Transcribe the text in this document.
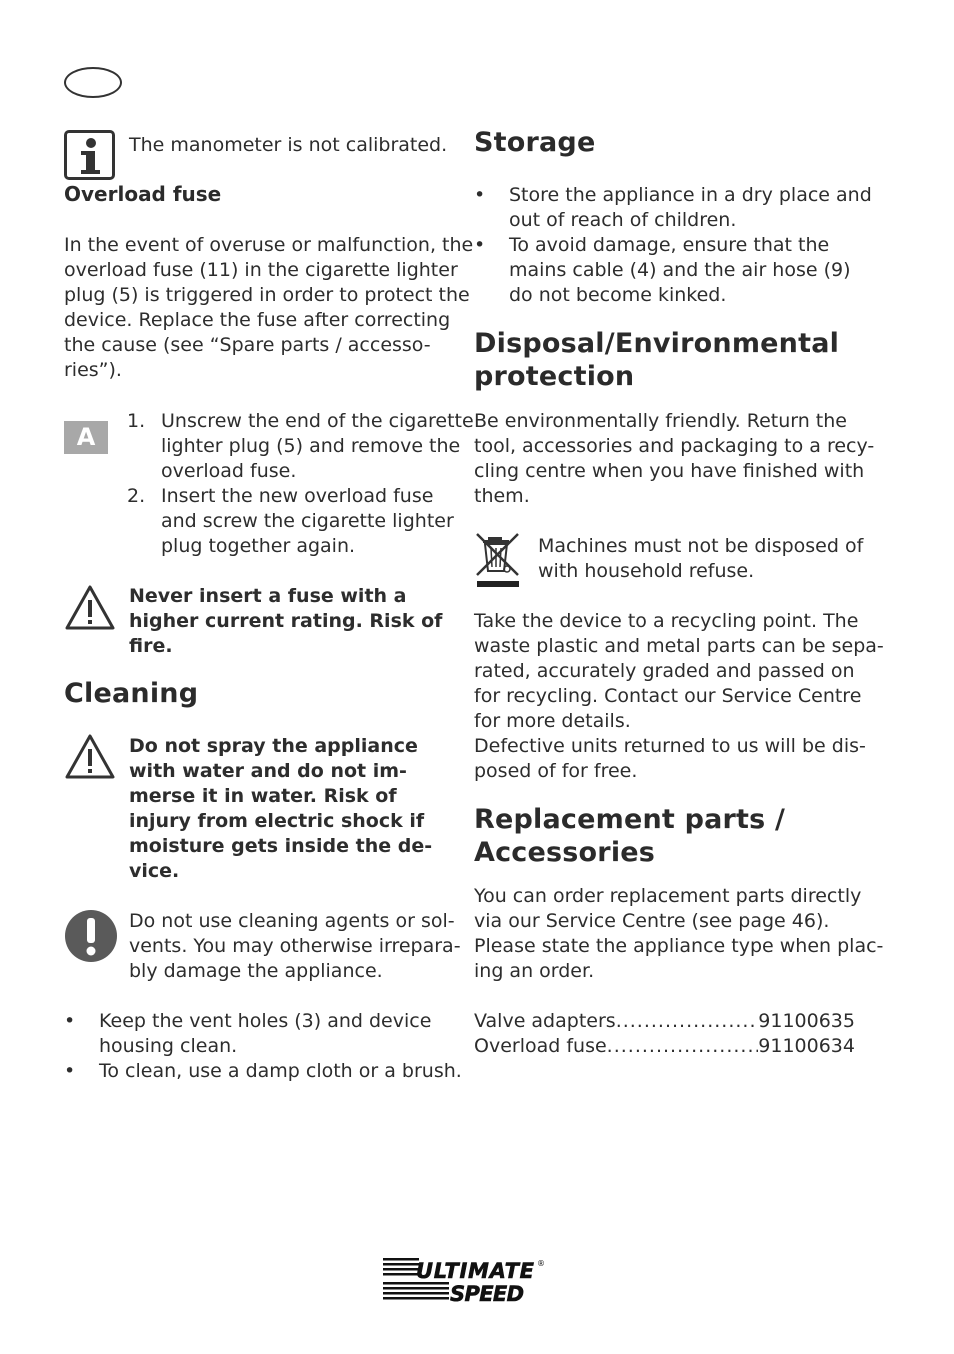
The manometer is not calibrated.
Overload fuse
In the event of overuse or malfunction, the
overload fuse (11) in the cigarette lighter
plug (5) is triggered in order to protect the
device. Replace the fuse after correcting
the cause (see “Spare parts / accesso-
ries”).
A
1. Unscrew the end of the cigarette
lighter plug (5) and remove the
overload fuse.
2. Insert the new overload fuse
and screw the cigarette lighter
plug together again.
Never insert a fuse with a
higher current rating. Risk of
fire.
Cleaning
Do not spray the appliance
with water and do not im-
merse it in water. Risk of
injury from electric shock if
moisture gets inside the de-
vice.
Do not use cleaning agents or sol-
vents. You may otherwise irrepara-
bly damage the appliance.
• Keep the vent holes (3) and device
housing clean.
• To clean, use a damp cloth or a brush.
Storage
• Store the appliance in a dry place and
out of reach of children.
• To avoid damage, ensure that the
mains cable (4) and the air hose (9)
do not become kinked.
Disposal/Environmental
protection
Be environmentally friendly. Return the
tool, accessories and packaging to a recy-
cling centre when you have finished with
them.
Machines must not be disposed of
with household refuse.
Take the device to a recycling point. The
waste plastic and metal parts can be sepa-
rated, accurately graded and passed on
for recycling. Contact our Service Centre
for more details.
Defective units returned to us will be dis-
posed of for free.
Replacement parts /
Accessories
You can order replacement parts directly
via our Service Centre (see page 46).
Please state the appliance type when plac-
ing an order.
Valve adapters .....	91100635
Overload fuse .....	91100634
ULTIMATE
SPEED
®
